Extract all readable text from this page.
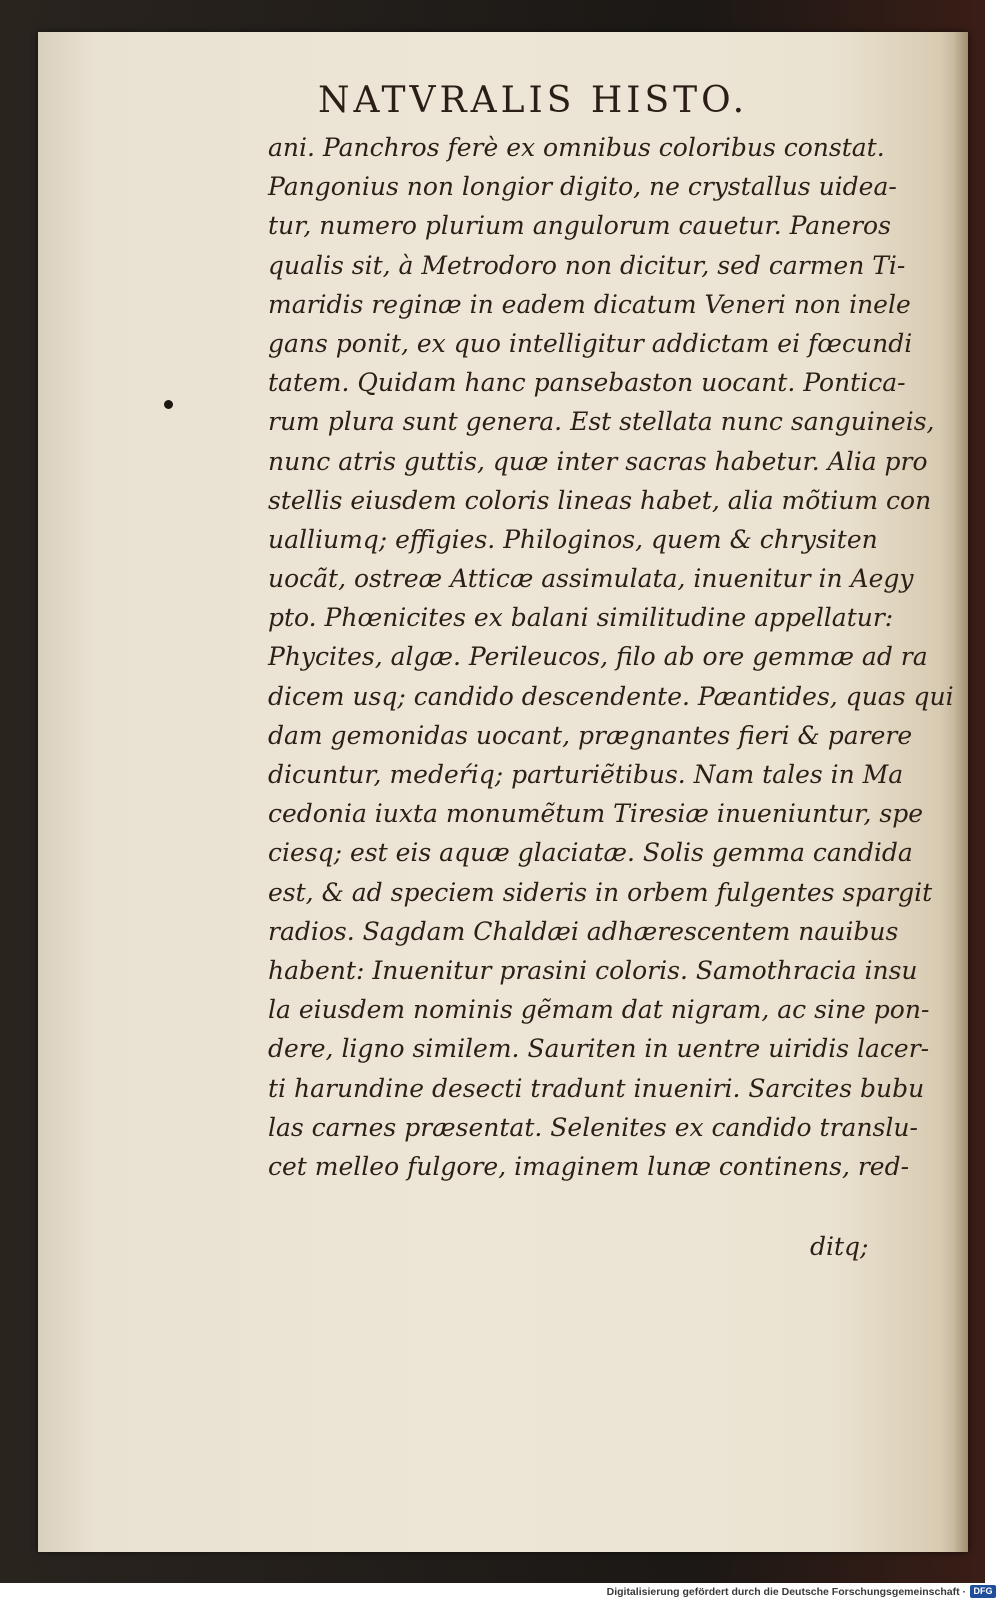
NATVRALIS HISTO.
ani. Panchros ferè ex omnibus coloribus constat.
Pangonius non longior digito, ne crystallus uidea-
tur, numero plurium angulorum cauetur. Paneros
qualis sit, à Metrodoro non dicitur, sed carmen Ti-
maridis reginæ in eadem dicatum Veneri non inele
gans ponit, ex quo intelligitur addictam ei fœcundi
tatem. Quidam hanc pansebaston uocant. Pontica-
rum plura sunt genera. Est stellata nunc sanguineis,
nunc atris guttis, quæ inter sacras habetur. Alia pro
stellis eiusdem coloris lineas habet, alia mõtium con
ualliumq; effigies. Philoginos, quem & chrysiten
uocãt, ostreæ Atticæ assimulata, inuenitur in Aegy
pto. Phœnicites ex balani similitudine appellatur:
Phycites, algæ. Perileucos, filo ab ore gemmæ ad ra
dicem usq; candido descendente. Pæantides, quas qui
dam gemonidas uocant, prægnantes fieri & parere
dicuntur, medeŕiq; parturiẽtibus. Nam tales in Ma
cedonia iuxta monumẽtum Tiresiæ inueniuntur, spe
ciesq; est eis aquæ glaciatæ. Solis gemma candida
est, & ad speciem sideris in orbem fulgentes spargit
radios. Sagdam Chaldæi adhærescentem nauibus
habent: Inuenitur prasini coloris. Samothracia insu
la eiusdem nominis gẽmam dat nigram, ac sine pon-
dere, ligno similem. Sauriten in uentre uiridis lacer-
ti harundine desecti tradunt inueniri. Sarcites bubu
las carnes præsentat. Selenites ex candido translu-
cet melleo fulgore, imaginem lunæ continens, red-
ditq;
Digitalisierung gefördert durch die Deutsche Forschungsgemeinschaft · DFG
